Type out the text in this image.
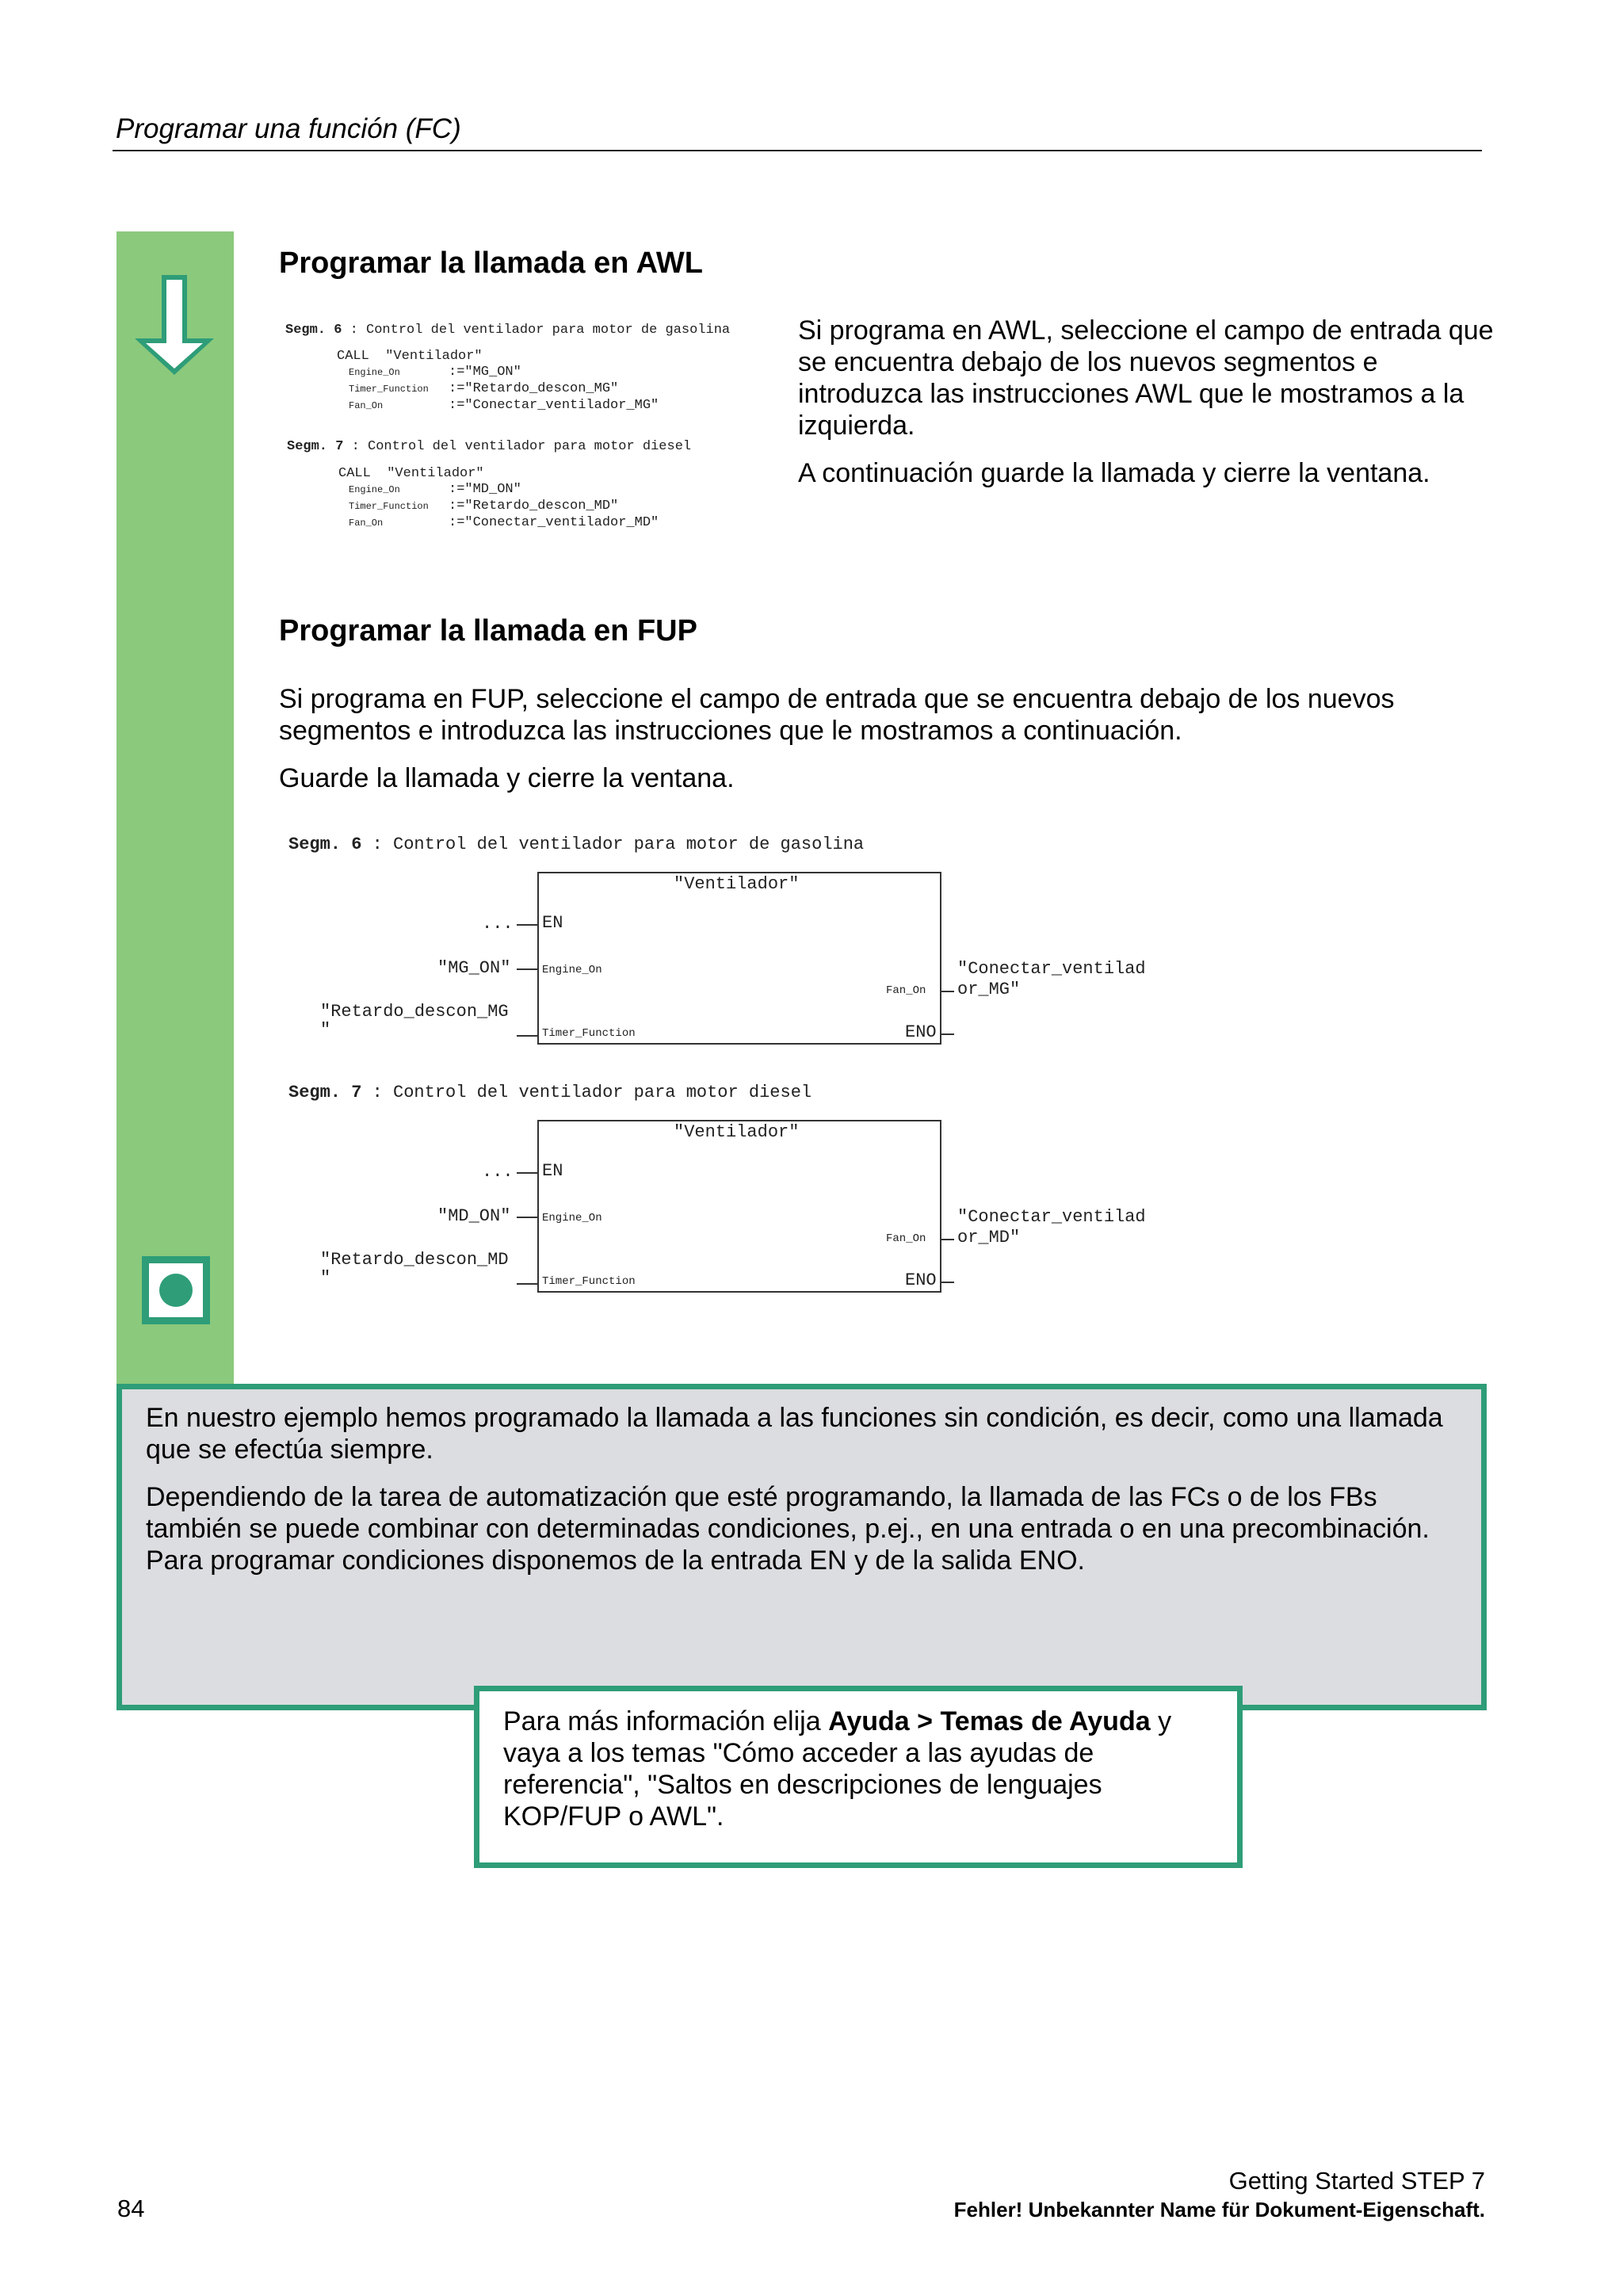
Programar una función (FC)
Programar la llamada en AWL
Segm. 6 : Control del ventilador para motor de gasolina
CALL  "Ventilador"
Engine_On	:="MG_ON"
Timer_Function :="Retardo_descon_MG"
Fan_On	:="Conectar_ventilador_MG"
Segm. 7 : Control del ventilador para motor diesel
CALL  "Ventilador"
Engine_On	:="MD_ON"
Timer_Function :="Retardo_descon_MD"
Fan_On	:="Conectar_ventilador_MD"

Si programa en AWL, seleccione el campo de entrada que se encuentra debajo de los nuevos segmentos e introduzca las instrucciones AWL que le mostramos a la izquierda.

A continuación guarde la llamada y cierre la ventana.

Programar la llamada en FUP

Si programa en FUP, seleccione el campo de entrada que se encuentra debajo de los nuevos segmentos e introduzca las instrucciones que le mostramos a continuación.

Guarde la llamada y cierre la ventana.

Segm. 6 : Control del ventilador para motor de gasolina
"Ventilador"
... EN
"MG_ON"	Engine_On
"Retardo_descon_MG
"	Timer_Function
Fan_On
"Conectar_ventilad
or_MG"
ENO
Segm. 7 : Control del ventilador para motor diesel
"Ventilador"
... EN
"MD_ON"	Engine_On
"Retardo_descon_MD
"	Timer_Function
Fan_On
"Conectar_ventilad
or_MD"
ENO

En nuestro ejemplo hemos programado la llamada a las funciones sin condición, es decir, como una llamada que se efectúa siempre.

Dependiendo de la tarea de automatización que esté programando, la llamada de las FCs o de los FBs también se puede combinar con determinadas condiciones, p.ej., en una entrada o en una precombinación. Para programar condiciones disponemos de la entrada EN y de la salida ENO.

Para más información elija Ayuda > Temas de Ayuda y vaya a los temas "Cómo acceder a las ayudas de referencia", "Saltos en descripciones de lenguajes KOP/FUP o AWL".

84
Getting Started STEP 7
Fehler! Unbekannter Name für Dokument-Eigenschaft.
